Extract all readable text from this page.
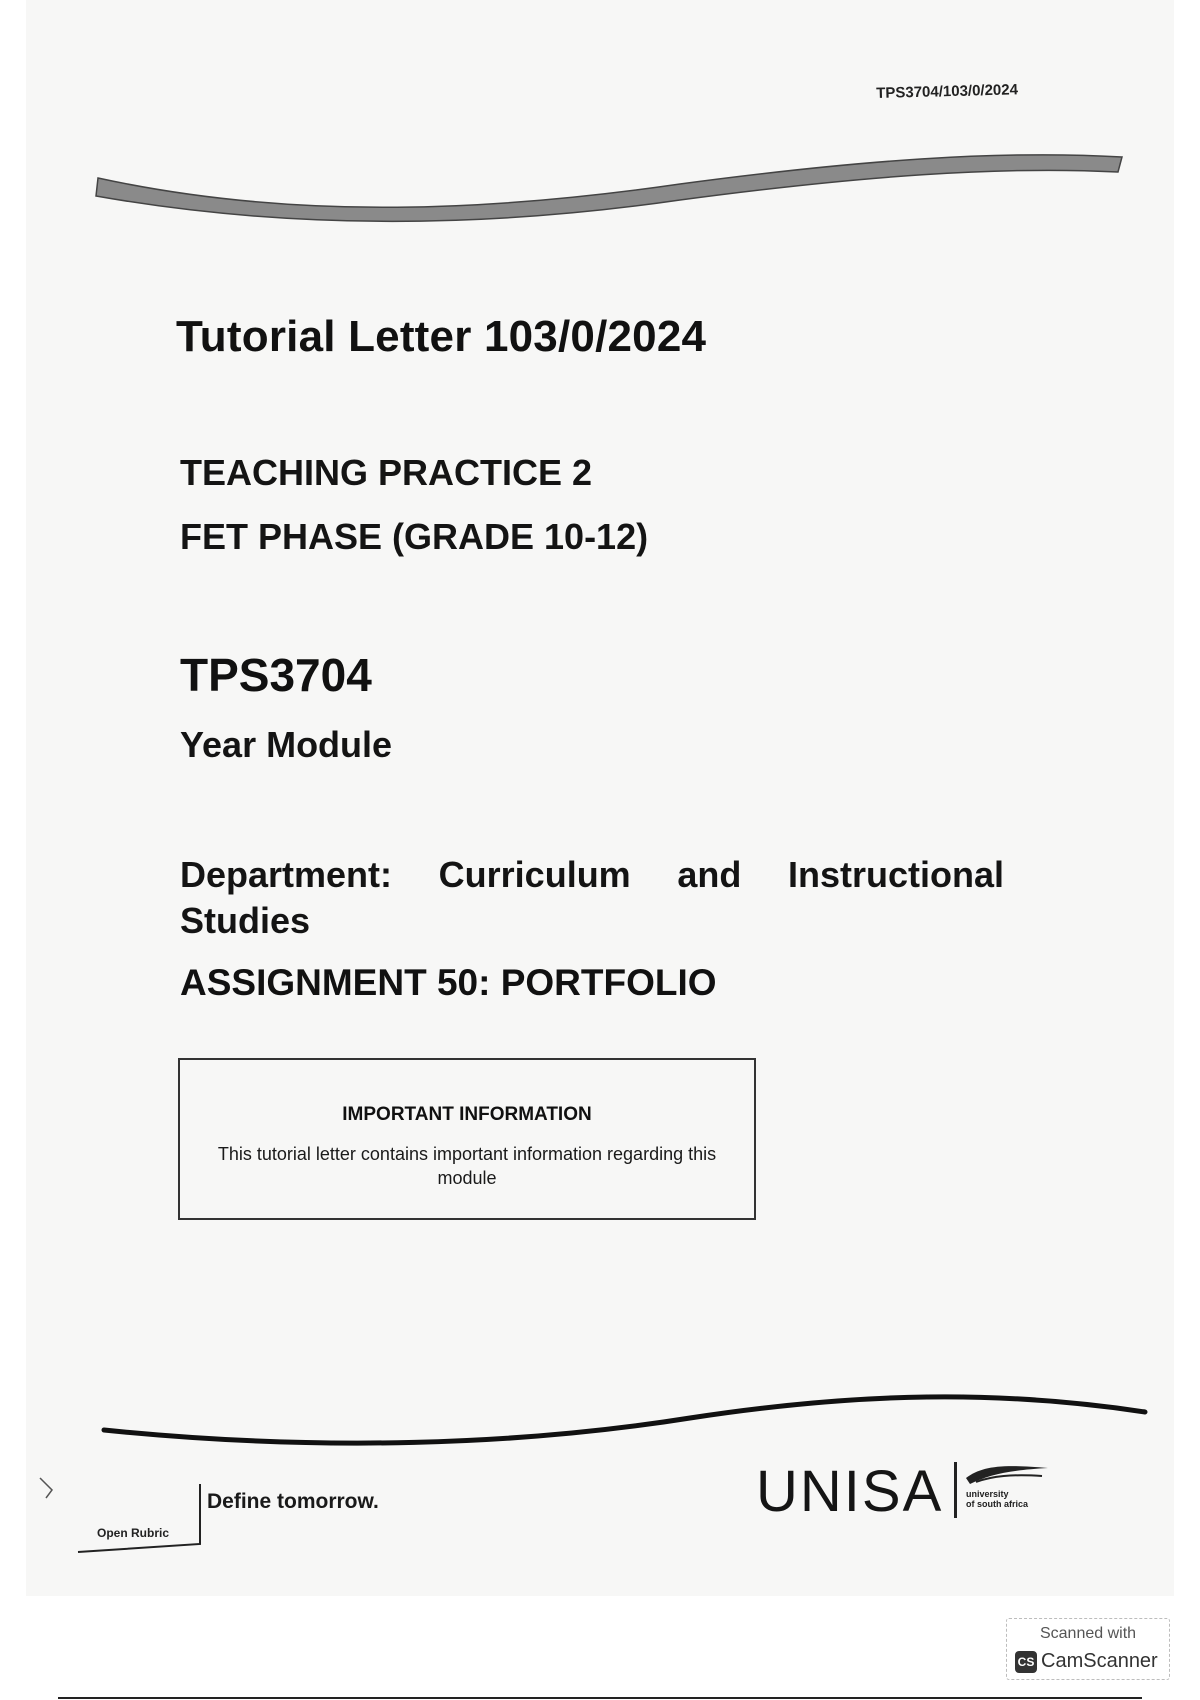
TPS3704/103/0/2024
Tutorial Letter 103/0/2024
TEACHING PRACTICE 2
FET PHASE (GRADE 10-12)
TPS3704
Year Module
Department: Curriculum and Instructional Studies
ASSIGNMENT 50: PORTFOLIO
IMPORTANT INFORMATION
This tutorial letter contains important information regarding this module
Open Rubric
Define tomorrow.	UNISA	university
of south africa
Scanned with
CS CamScanner
